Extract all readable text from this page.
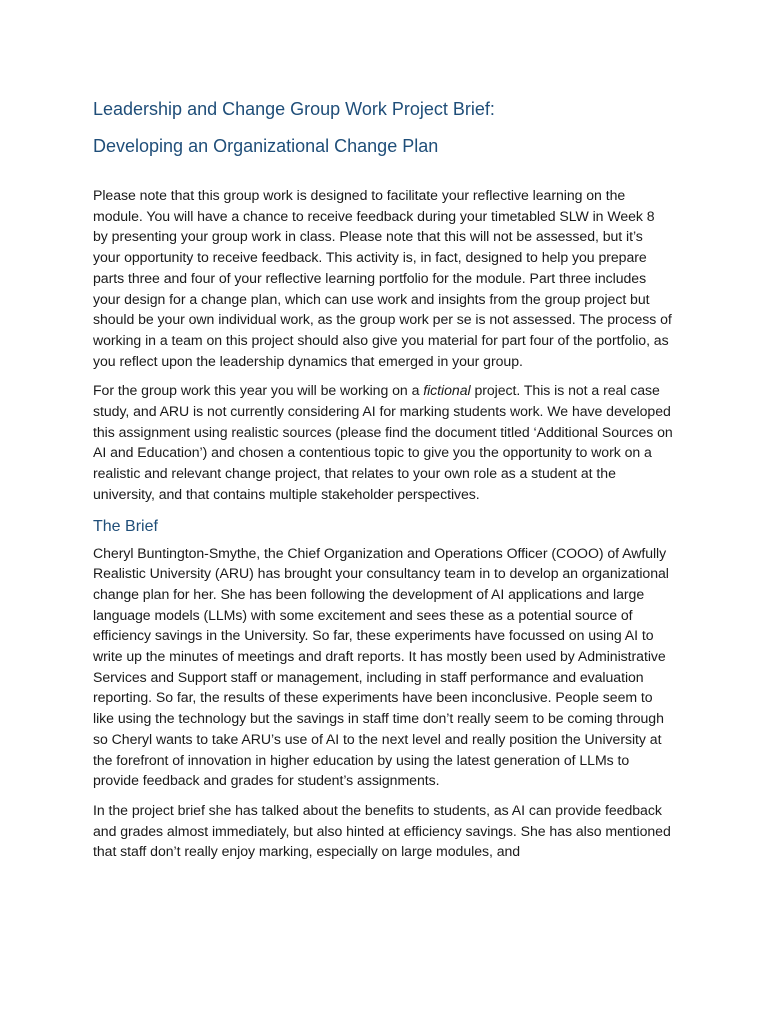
Leadership and Change Group Work Project Brief:
Developing an Organizational Change Plan

Please note that this group work is designed to facilitate your reflective learning on the module. You will have a chance to receive feedback during your timetabled SLW in Week 8 by presenting your group work in class. Please note that this will not be assessed, but it’s your opportunity to receive feedback. This activity is, in fact, designed to help you prepare parts three and four of your reflective learning portfolio for the module. Part three includes your design for a change plan, which can use work and insights from the group project but should be your own individual work, as the group work per se is not assessed. The process of working in a team on this project should also give you material for part four of the portfolio, as you reflect upon the leadership dynamics that emerged in your group.

For the group work this year you will be working on a fictional project. This is not a real case study, and ARU is not currently considering AI for marking students work. We have developed this assignment using realistic sources (please find the document titled ‘Additional Sources on AI and Education’) and chosen a contentious topic to give you the opportunity to work on a realistic and relevant change project, that relates to your own role as a student at the university, and that contains multiple stakeholder perspectives.

The Brief

Cheryl Buntington-Smythe, the Chief Organization and Operations Officer (COOO) of Awfully Realistic University (ARU) has brought your consultancy team in to develop an organizational change plan for her. She has been following the development of AI applications and large language models (LLMs) with some excitement and sees these as a potential source of efficiency savings in the University. So far, these experiments have focussed on using AI to write up the minutes of meetings and draft reports. It has mostly been used by Administrative Services and Support staff or management, including in staff performance and evaluation reporting. So far, the results of these experiments have been inconclusive. People seem to like using the technology but the savings in staff time don’t really seem to be coming through so Cheryl wants to take ARU’s use of AI to the next level and really position the University at the forefront of innovation in higher education by using the latest generation of LLMs to provide feedback and grades for student’s assignments.

In the project brief she has talked about the benefits to students, as AI can provide feedback and grades almost immediately, but also hinted at efficiency savings. She has also mentioned that staff don’t really enjoy marking, especially on large modules, and
